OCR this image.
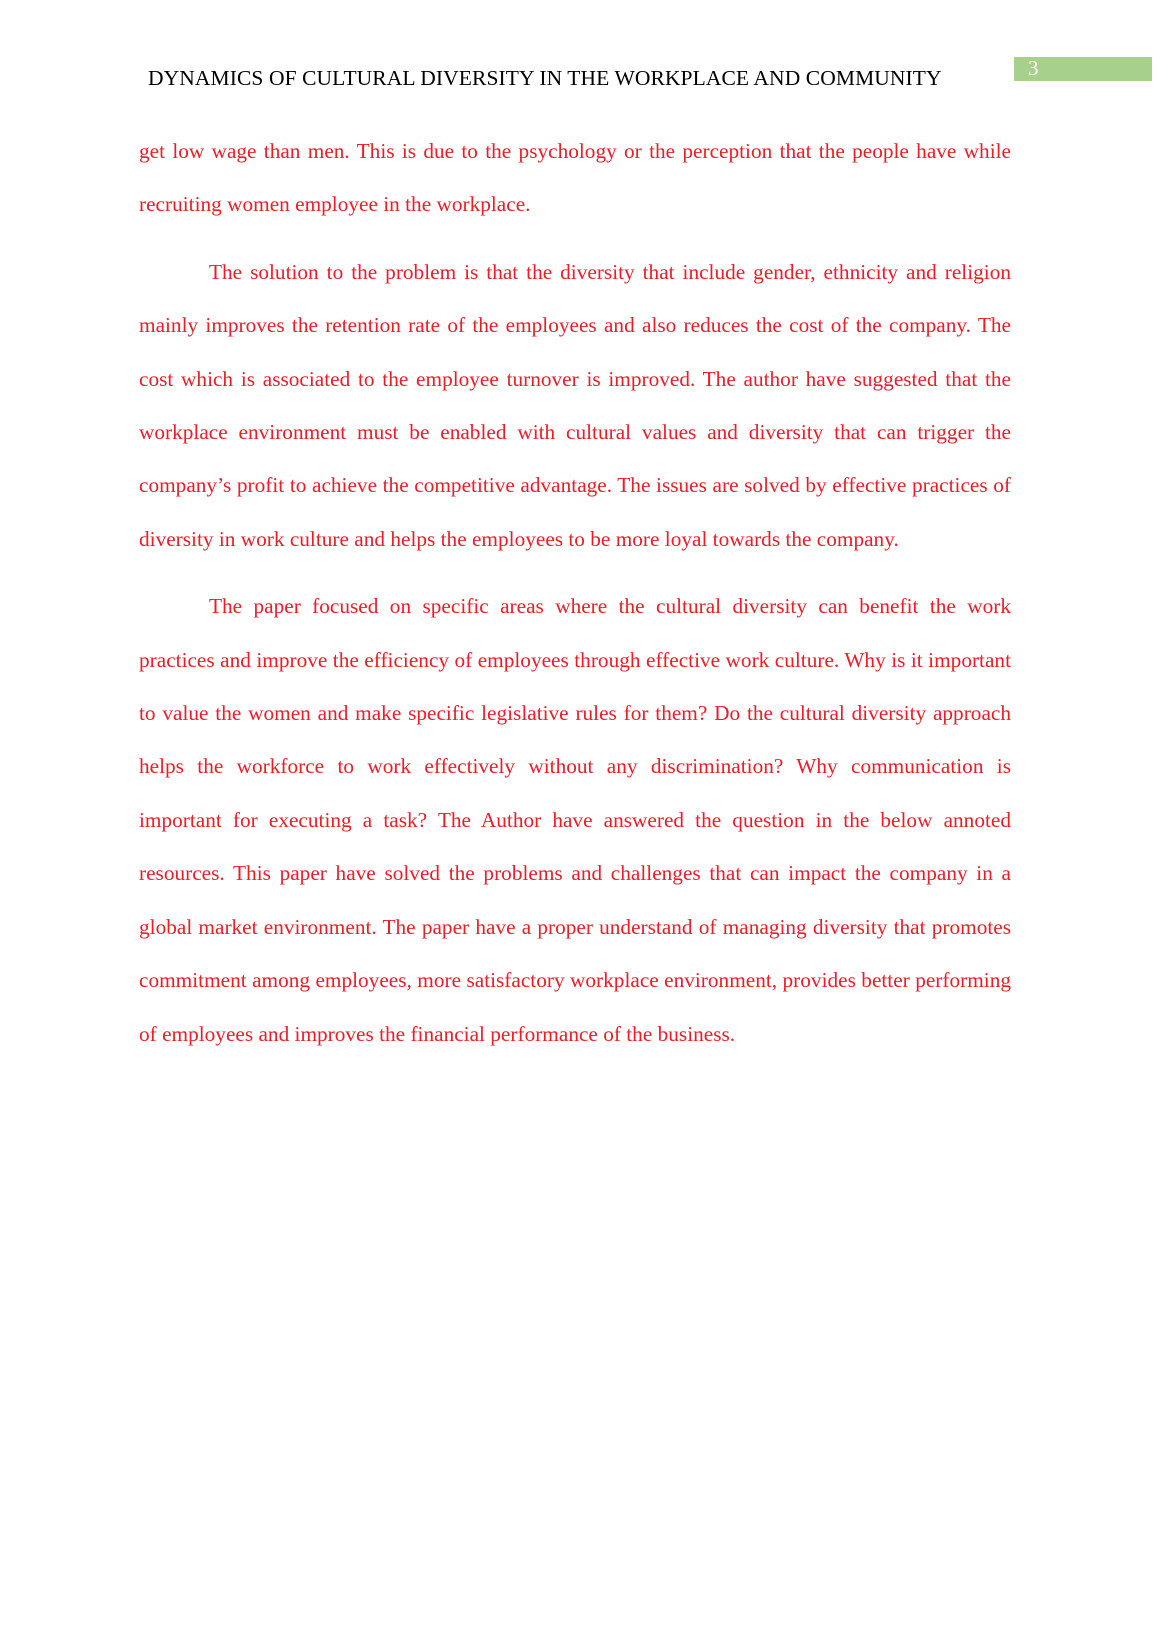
DYNAMICS OF CULTURAL DIVERSITY IN THE WORKPLACE AND COMMUNITY	3

get low wage than men. This is due to the psychology or the perception that the people have while recruiting women employee in the workplace.

The solution to the problem is that the diversity that include gender, ethnicity and religion mainly improves the retention rate of the employees and also reduces the cost of the company. The cost which is associated to the employee turnover is improved. The author have suggested that the workplace environment must be enabled with cultural values and diversity that can trigger the company’s profit to achieve the competitive advantage. The issues are solved by effective practices of diversity in work culture and helps the employees to be more loyal towards the company.

The paper focused on specific areas where the cultural diversity can benefit the work practices and improve the efficiency of employees through effective work culture. Why is it important to value the women and make specific legislative rules for them? Do the cultural diversity approach helps the workforce to work effectively without any discrimination? Why communication is important for executing a task? The Author have answered the question in the below annoted resources. This paper have solved the problems and challenges that can impact the company in a global market environment. The paper have a proper understand of managing diversity that promotes commitment among employees, more satisfactory workplace environment, provides better performing of employees and improves the financial performance of the business.
